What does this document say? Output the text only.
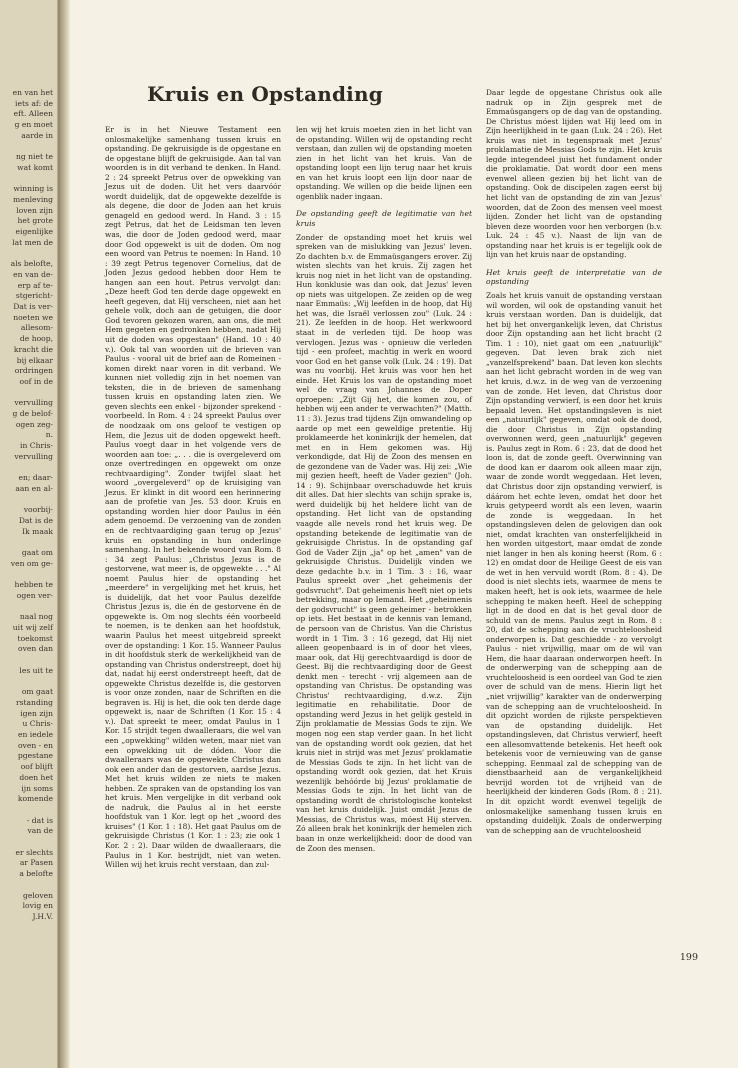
en van het
iets af: de
eft. Alleen
g en moet
aarde in
ng niet te
wat komt
winning is
menleving
loven zijn
het grote
eigenlijke
lat men de
als belofte,
en van de-
erp af te-
stgericht-
Dat is ver-
noeten we
allesom-
de hoop,
kracht die
bij elkaar
ordringen
oof in de
vervulling
g de belof-
ogen zeg-
n.
in Chris-
vervulling
en; daar-
aan en al-
voorbij-
Dat is de
Ik maak
gaat om
ven om ge-
hebben te
ogen ver-
naal nog
uit wij zelf
toekomst
oven dan
les uit te
om gaat
rstanding
igen zijn
u Chris-
en iedele
oven - en
pgestane
oof blijft
doen het
ijn soms
komende
- dat is
van de
er slechts
ar Pasen
a belofte
geloven
lovig en
J.H.V.
Kruis en Opstanding

Er is in het Nieuwe Testament een onlosmakelijke samenhang tussen kruis en opstanding. De gekruisigde is de opgestane en de opgestane blijft de gekruisigde. Aan tal van woorden is in dit verband te denken. In Hand. 2 : 24 spreekt Petrus over de opwekking van Jezus uit de doden. Uit het vers daarvóór wordt duidelijk, dat de opgewekte dezelfde is als degene, die door de Joden aan het kruis genageld en gedood werd. In Hand. 3 : 15 zegt Petrus, dat het de Leidsman ten leven was, die door de Joden gedood werd, maar door God opgewekt is uit de doden. Om nog een woord van Petrus te noemen: In Hand. 10 : 39 zegt Petrus tegenover Cornelius, dat de Joden Jezus gedood hebben door Hem te hangen aan een hout. Petrus vervolgt dan: „Deze heeft God ten derde dage opgewekt en heeft gegeven, dat Hij verscheen, niet aan het gehele volk, doch aan de getuigen, die door God tevoren gekozen waren, aan ons, die met Hem gegeten en gedronken hebben, nadat Hij uit de doden was opgestaan" (Hand. 10 : 40 v.). Ook tal van woorden uit de brieven van Paulus - vooral uit de brief aan de Romeinen - komen direkt naar voren in dit verband. We kunnen niet volledig zijn in het noemen van teksten, die in de brieven de samenhang tussen kruis en opstanding laten zien. We geven slechts een enkel - bijzonder sprekend - voorbeeld. In Rom. 4 : 24 spreekt Paulus over de noodzaak om ons geloof te vestigen op Hem, die Jezus uit de doden opgewekt heeft. Paulus voegt daar in het volgende vers de woorden aan toe: „. . . die is overgeleverd om onze overtredingen en opgewekt om onze rechtvaardiging". Zonder twijfel slaat het woord „overgeleverd" op de kruisiging van Jezus. Er klinkt in dit woord een herinnering aan de profetie van Jes. 53 door. Kruis en opstanding worden hier door Paulus in één adem genoemd. De verzoening van de zonden en de rechtvaardiging gaan terug op Jezus' kruis en opstanding in hun onderlinge samenhang. In het bekende woord van Rom. 8 : 34 zegt Paulus: „Christus Jezus is de gestorvene, wat meer is, de opgewekte . . ." Al noemt Paulus hier de opstanding het „meerdere" in vergelijking met het kruis, het is duidelijk, dat het voor Paulus dezelfde Christus Jezus is, die én de gestorvene én de opgewekte is. Om nog slechts één voorbeeld te noemen, is te denken aan het hoofdstuk, waarin Paulus het meest uitgebreid spreekt over de opstanding: 1 Kor. 15. Wanneer Paulus in dit hoofdstuk sterk de werkelijkheid van de opstanding van Christus onderstreept, doet hij dat, nadat hij eerst onderstreept heeft, dat de opgewekte Christus dezelfde is, die gestorven is voor onze zonden, naar de Schriften en die begraven is. Hij is het, die ook ten derde dage opgewekt is, naar de Schriften (1 Kor. 15 : 4 v.). Dat spreekt te meer, omdat Paulus in 1 Kor. 15 strijdt tegen dwaalleraars, die wel van een „opwekking" wilden weten, maar niet van een opwekking uit de dóden. Voor die dwaalleraars was de opgewekte Christus dan ook een ander dan de gestorven, aardse Jezus. Met het kruis wilden ze niets te maken hebben. Ze spraken van de opstanding los van het kruis. Men vergelijke in dit verband ook de nadruk, die Paulus al in het eerste hoofdstuk van 1 Kor. legt op het „woord des kruises" (1 Kor. 1 : 18). Het gaat Paulus om de gekruisigde Christus (1 Kor. 1 : 23; zie ook 1 Kor. 2 : 2). Daar wilden de dwaalleraars, die Paulus in 1 Kor. bestrijdt, niet van weten. Willen wij het kruis recht verstaan, dan zul-

len wij het kruis moeten zien in het licht van de opstanding. Willen wij de opstanding recht verstaan, dan zullen wij de opstanding moeten zien in het licht van het kruis. Van de opstanding loopt een lijn terug naar het kruis en van het kruis loopt een lijn door naar de opstanding. We willen op die beide lijnen een ogenblik nader ingaan.

De opstanding geeft de legitimatie van het kruis

Zonder de opstanding moet het kruis wel spreken van de mislukking van Jezus' leven. Zo dachten b.v. de Emmaüsgangers erover. Zij wisten slechts van het kruis. Zij zagen het kruis nog niet in het licht van de opstanding. Hun konklusie was dan ook, dat Jezus' leven op niets was uitgelopen. Ze zeiden op de weg naar Emmaüs: „Wij leefden in de hoop, dat Hij het was, die Israël verlossen zou" (Luk. 24 : 21). Ze leefden in de hoop. Het werkwoord staat in de verleden tijd. De hoop was vervlogen. Jezus was - opnieuw die verleden tijd - een profeet, machtig in werk en woord voor God en het ganse volk (Luk. 24 : 19). Dat was nu voorbij. Het kruis was voor hen het einde. Het Kruis los van de opstanding moet wel de vraag van Johannes de Doper oproepen: „Zijt Gij het, die komen zou, of hebben wij een ander te verwachten?" (Matth. 11 : 3). Jezus trad tijdens Zijn omwandeling op aarde op met een geweldige pretentie. Hij proklameerde het koninkrijk der hemelen, dat met en in Hem gekomen was. Hij verkondigde, dat Hij de Zoon des mensen en de gezondene van de Vader was. Hij zei: „Wie mij gezien heeft, heeft de Vader gezien" (Joh. 14 : 9). Schijnbaar overschaduwde het kruis dit alles. Dat hier slechts van schijn sprake is, werd duidelijk bij het heldere licht van de opstanding. Het licht van de opstanding vaagde alle nevels rond het kruis weg. De opstanding betekende de legitimatie van de gekruisigde Christus. In de opstanding gaf God de Vader Zijn „ja" op het „amen" van de gekruisigde Christus. Duidelijk vinden we deze gedachte b.v. in 1 Tim. 3 : 16, waar Paulus spreekt over „het geheimenis der godsvrucht". Dat geheimenis heeft niet op iets betrekking, maar op Iemand. Het „geheimenis der godsvrucht" is geen geheimer - betrokken op iets. Het bestaat in de kennis van Iemand, de persoon van de Christus. Van die Christus wordt in 1 Tim. 3 : 16 gezegd, dat Hij niet alleen geopenbaard is in of door het vlees, maar ook, dat Hij gerechtvaardigd is door de Geest. Bij die rechtvaardiging door de Geest denkt men - terecht - vrij algemeen aan de opstanding van Christus. De opstanding was Christus' rechtvaardiging, d.w.z. Zijn legitimatie en rehabilitatie. Door de opstanding werd Jezus in het gelijk gesteld in Zijn proklamatie de Messias Gods te zijn. We mogen nog een stap verder gaan. In het licht van de opstanding wordt ook gezien, dat het kruis niet in strijd was met Jezus' proklamatie de Messias Gods te zijn. In het licht van de opstanding wordt ook gezien, dat het Kruis wezenlijk behóórde bij Jezus' proklamatie de Messias Gods te zijn. In het licht van de opstanding wordt de christologische kontekst van het kruis duidelijk. Juist omdát Jezus de Messias, de Christus was, móest Hij sterven. Zó alleen brak het koninkrijk der hemelen zich baan in onze werkelijkheid: door de dood van de Zoon des mensen.

Daar legde de opgestane Christus ook alle nadruk op in Zijn gesprek met de Emmaüsgangers op de dag van de opstanding. De Christus móest lijden wat Hij leed om in Zijn heerlijkheid in te gaan (Luk. 24 : 26). Het kruis was niet in tegenspraak met Jezus' proklamatie de Messias Gods te zijn. Het kruis legde integendeel juist het fundament onder die proklamatie. Dat wordt door een mens evenwel alleen gezien bij het licht van de opstanding. Ook de discipelen zagen eerst bij het licht van de opstanding de zin van Jezus' woorden, dat de Zoon des mensen veel moest lijden. Zonder het licht van de opstanding bleven deze woorden voor hen verborgen (b.v. Luk. 24 : 45 v.). Naast de lijn van de opstanding naar het kruis is er tegelijk ook de lijn van het kruis naar de opstanding.

Het kruis geeft de interpretatie van de opstanding

Zoals het kruis vanuit de opstanding verstaan wil worden, wil ook de opstanding vanuit het kruis verstaan worden. Dan is duidelijk, dat het bij het onvergankelijk leven, dat Christus door Zijn opstanding aan het licht bracht (2 Tim. 1 : 10), niet gaat om een „natuurlijk" gegeven. Dat leven brak zich niet „vanzelfsprekend" baan. Dat leven kon slechts aan het licht gebracht worden in de weg van het kruis, d.w.z. in de weg van de verzoening van de zonde. Het leven, dat Christus door Zijn opstanding verwierf, is een door het kruis bepaald leven. Het opstandingsleven is niet een „natuurlijk" gegeven, omdat ook de dood, die door Christus in Zijn opstanding overwonnen werd, geen „natuurlijk" gegeven is. Paulus zegt in Rom. 6 : 23, dat de dood het loon is, dat de zonde geeft. Overwinning van de dood kan er daarom ook alleen maar zijn, waar de zonde wordt weggedaan. Het leven, dat Christus door zijn opstanding verwierf, is dáárom het echte leven, omdat het door het kruis getypeerd wordt als een leven, waarin de zonde is weggedaan. In het opstandingsleven delen de gelovigen dan ook niet, omdat krachten van onsterfelijkheid in hen worden uitgestort, maar omdat de zonde niet langer in hen als koning heerst (Rom. 6 : 12) en omdat door de Heilige Geest de eis van de wet in hen vervuld wordt (Rom. 8 : 4). De dood is niet slechts iets, waarmee de mens te maken heeft, het is ook iets, waarmee de hele schepping te maken heeft. Heel de schepping ligt in de dood en dat is het geval door de schuld van de mens. Paulus zegt in Rom. 8 : 20, dat de schepping aan de vruchteloosheid onderworpen is. Dat geschiedde - zo vervolgt Paulus - niet vrijwillig, maar om de wil van Hem, die haar daaraan onderworpen heeft. In de onderwerping van de schepping aan de vruchteloosheid is een oordeel van God te zien over de schuld van de mens. Hierin ligt het „niet vrijwillig" karakter van de onderwerping van de schepping aan de vruchteloosheid. In dit opzicht worden de rijkste perspektieven van de opstanding duidelijk. Het opstandingsleven, dat Christus verwierf, heeft een allesomvattende betekenis. Het heeft ook betekenis voor de vernieuwing van de ganse schepping. Eenmaal zal de schepping van de dienstbaarheid aan de vergankelijkheid bevrijd worden tot de vrijheid van de heerlijkheid der kinderen Gods (Rom. 8 : 21). In dit opzicht wordt evenwel tegelijk de onlosmakelijke samenhang tussen kruis en opstanding duidelijk. Zoals de onderwerping van de schepping aan de vruchteloosheid

199
